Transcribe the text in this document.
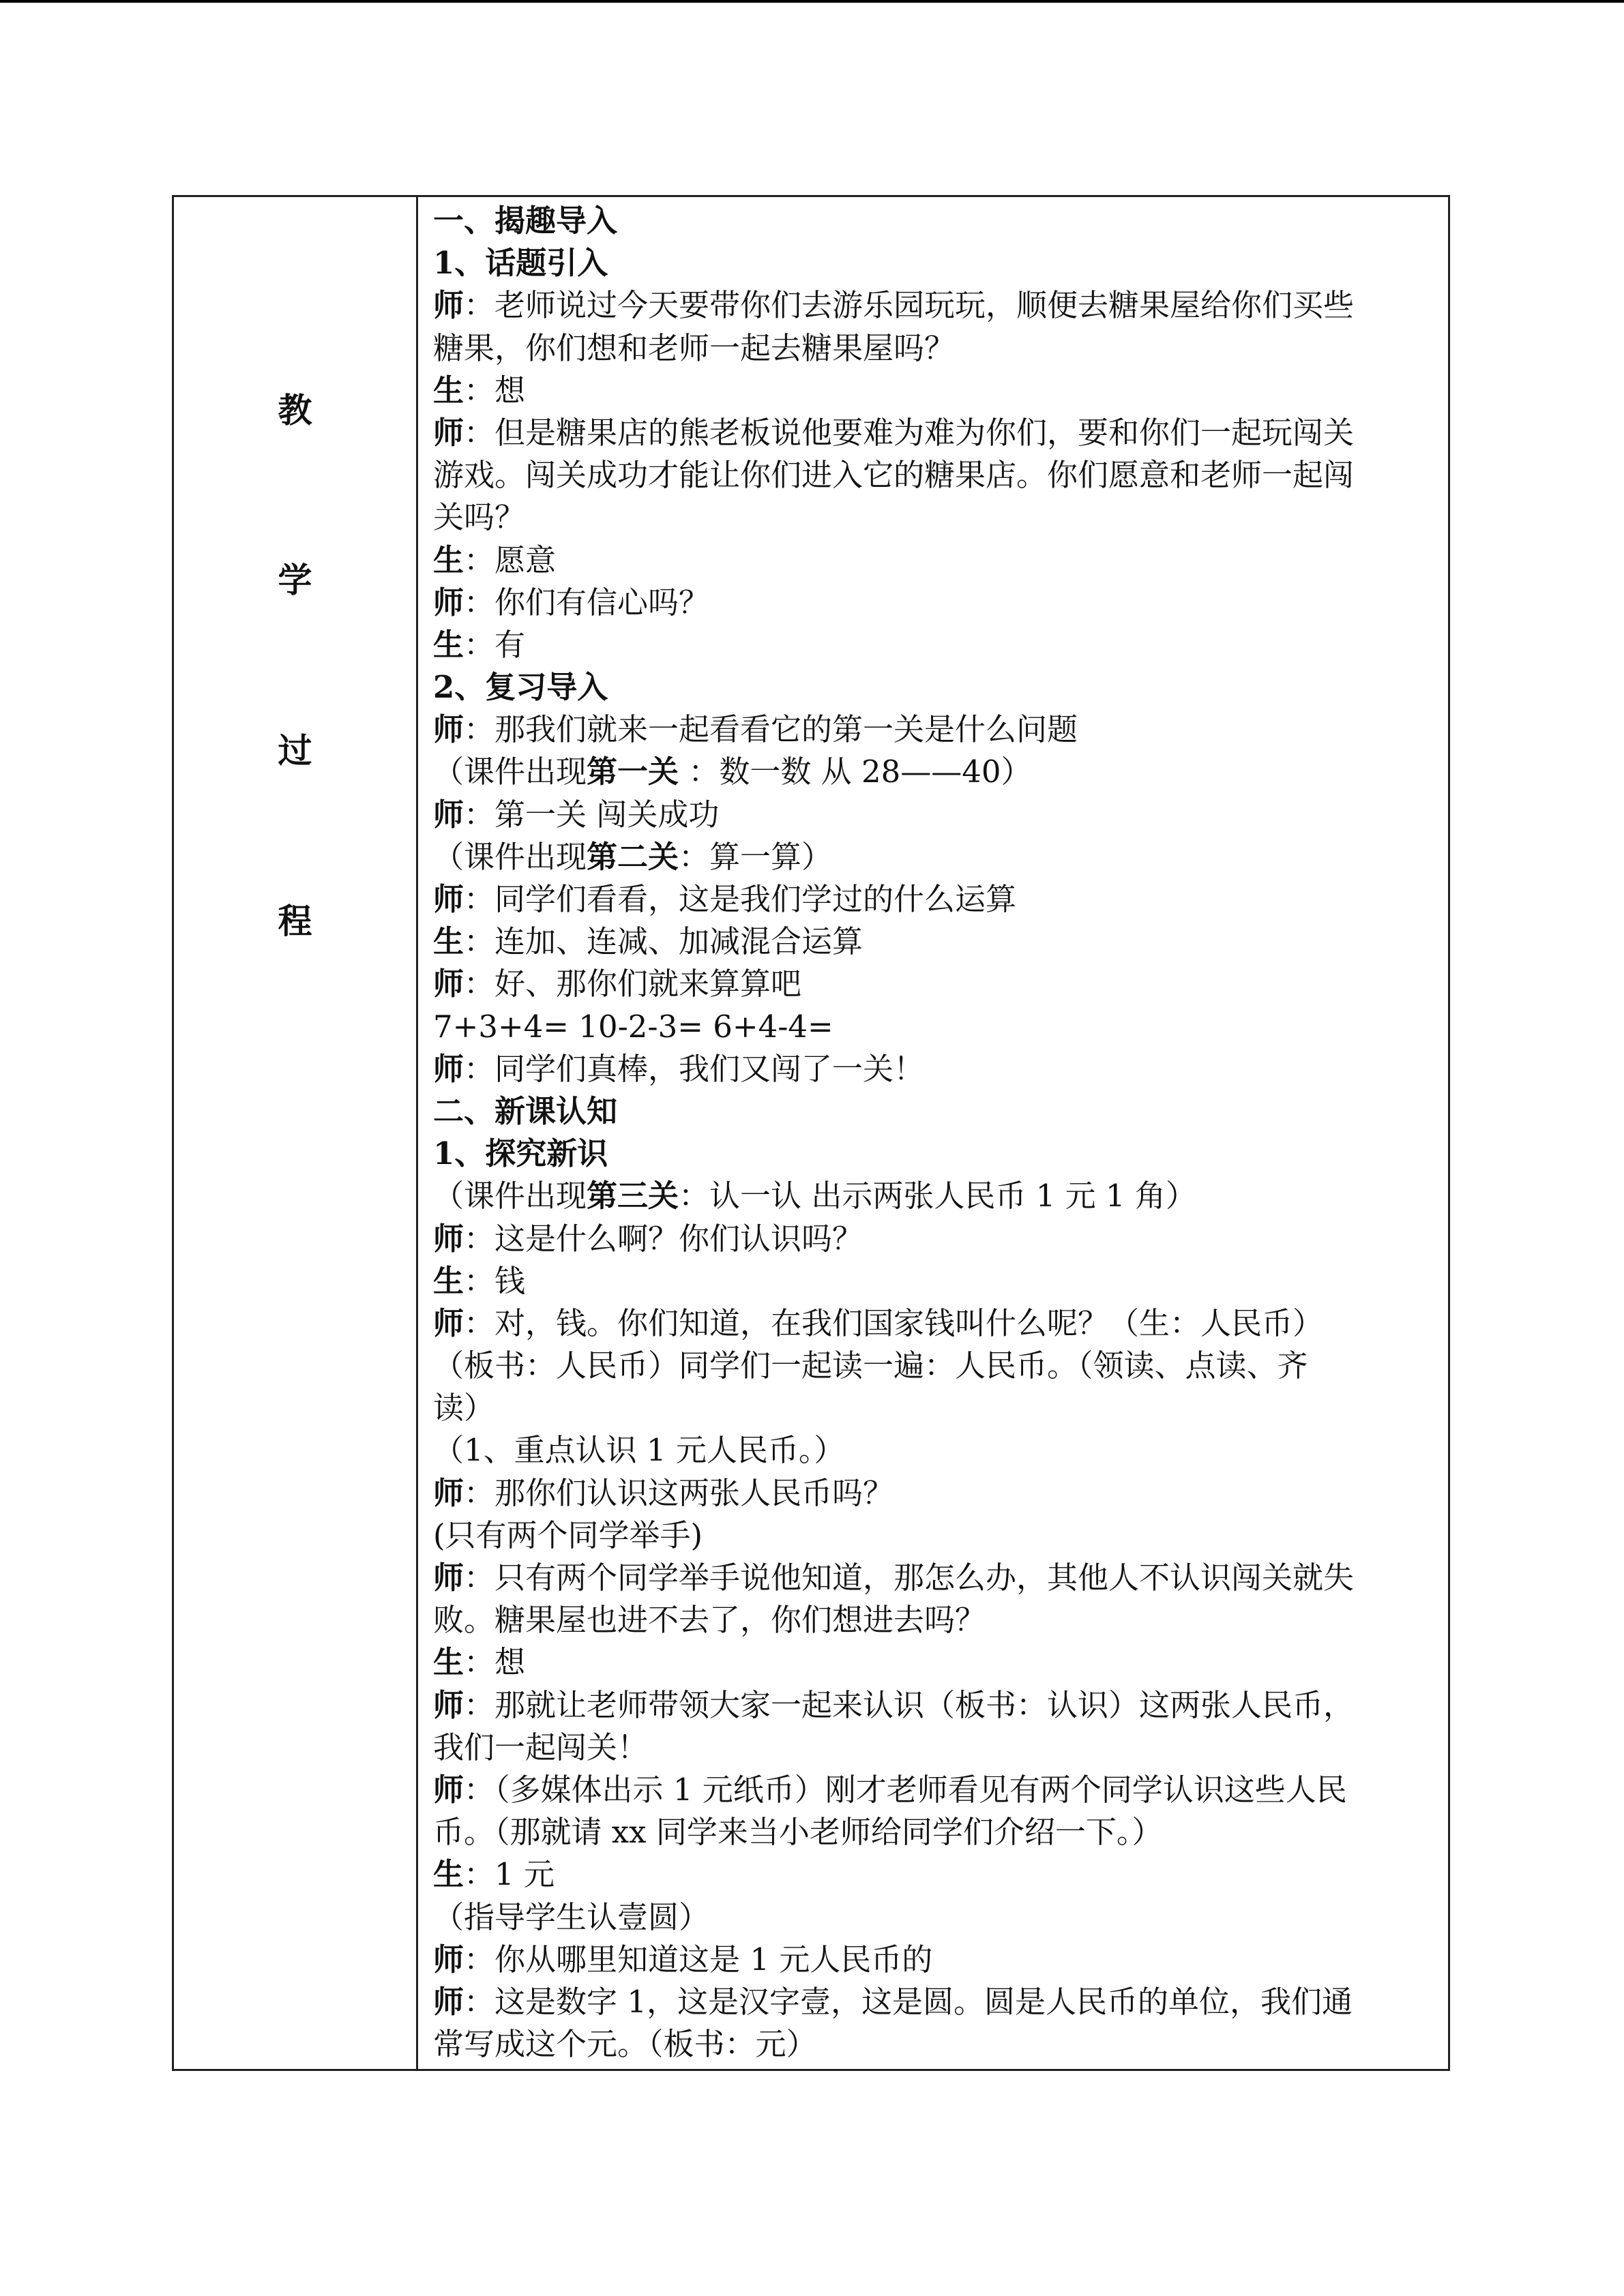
教
学
过
程
一、揭趣导入
1、话题引入
师：老师说过今天要带你们去游乐园玩玩，顺便去糖果屋给你们买些
糖果，你们想和老师一起去糖果屋吗？
生：想
师：但是糖果店的熊老板说他要难为难为你们，要和你们一起玩闯关
游戏。闯关成功才能让你们进入它的糖果店。你们愿意和老师一起闯
关吗？
生：愿意
师：你们有信心吗？
生：有
2、复习导入
师：那我们就来一起看看它的第一关是什么问题
（课件出现第一关 ：数一数 从 28——40）
师：第一关 闯关成功
（课件出现第二关：算一算）
师：同学们看看，这是我们学过的什么运算
生：连加、连减、加减混合运算
师：好、那你们就来算算吧
7+3+4= 10-2-3= 6+4-4=
师：同学们真棒，我们又闯了一关！
二、新课认知
1、探究新识
（课件出现第三关：认一认 出示两张人民币 1 元 1 角）
师：这是什么啊？你们认识吗？
生：钱
师：对，钱。你们知道，在我们国家钱叫什么呢？（生：人民币）
（板书：人民币）同学们一起读一遍：人民币。（领读、点读、齐
读）
（1、重点认识 1 元人民币。）
师：那你们认识这两张人民币吗？
(只有两个同学举手)
师：只有两个同学举手说他知道，那怎么办，其他人不认识闯关就失
败。糖果屋也进不去了，你们想进去吗？
生：想
师：那就让老师带领大家一起来认识（板书：认识）这两张人民币，
我们一起闯关！
师：（多媒体出示 1 元纸币）刚才老师看见有两个同学认识这些人民
币。（那就请 xx 同学来当小老师给同学们介绍一下。）
生：1 元
（指导学生认壹圆）
师：你从哪里知道这是 1 元人民币的
师：这是数字 1，这是汉字壹，这是圆。圆是人民币的单位，我们通
常写成这个元。（板书：元）
